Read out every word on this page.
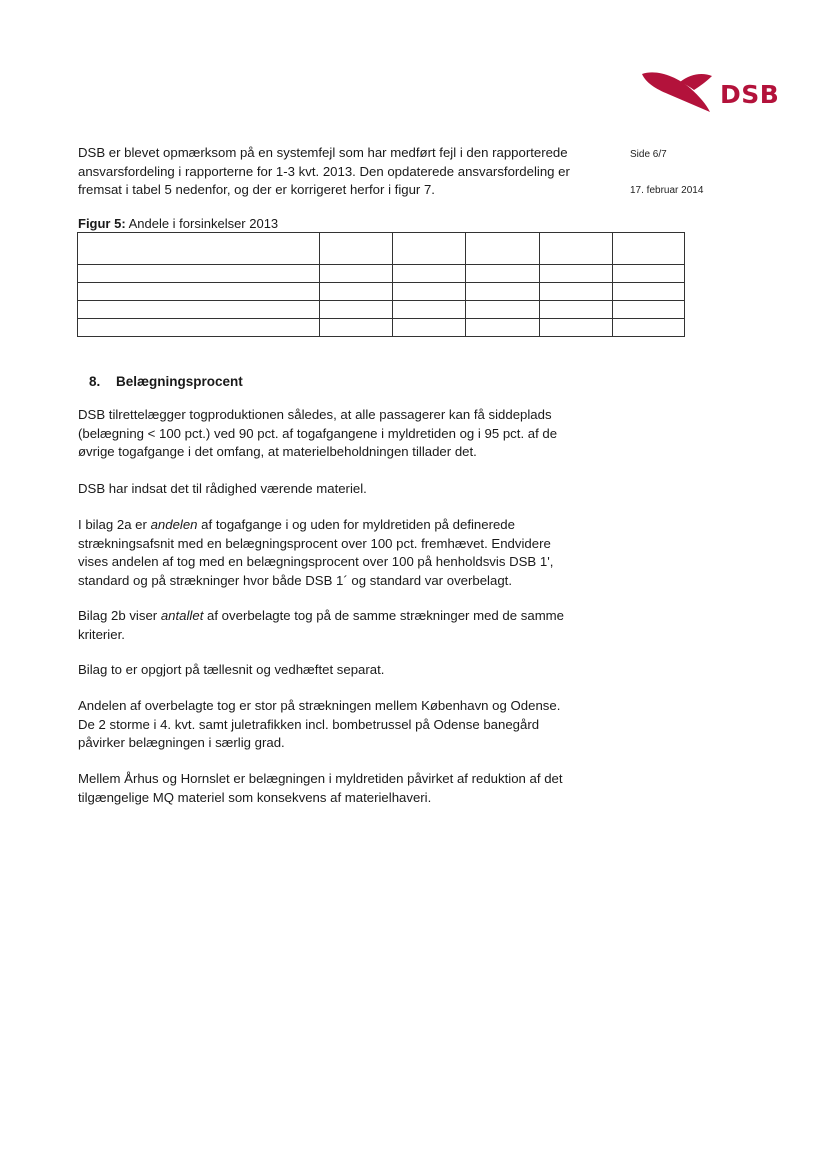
DSB
Side 6/7
17. februar 2014

DSB er blevet opmærksom på en systemfejl som har medført fejl i den rapporterede
ansvarsfordeling i rapporterne for 1-3 kvt. 2013. Den opdaterede ansvarsfordeling er
fremsat i tabel 5 nedenfor, og der er korrigeret herfor i figur 7.

Figur 5: Andele i forsinkelser 2013

8. Belægningsprocent

DSB tilrettelægger togproduktionen således, at alle passagerer kan få siddeplads
(belægning < 100 pct.) ved 90 pct. af togafgangene i myldretiden og i 95 pct. af de
øvrige togafgange i det omfang, at materielbeholdningen tillader det.

DSB har indsat det til rådighed værende materiel.

I bilag 2a er andelen af togafgange i og uden for myldretiden på definerede
strækningsafsnit med en belægningsprocent over 100 pct. fremhævet. Endvidere
vises andelen af tog med en belægningsprocent over 100 på henholdsvis DSB 1',
standard og på strækninger hvor både DSB 1´ og standard var overbelagt.

Bilag 2b viser antallet af overbelagte tog på de samme strækninger med de samme
kriterier.

Bilag to er opgjort på tællesnit og vedhæftet separat.

Andelen af overbelagte tog er stor på strækningen mellem København og Odense.
De 2 storme i 4. kvt. samt juletrafikken incl. bombetrussel på Odense banegård
påvirker belægningen i særlig grad.

Mellem Århus og Hornslet er belægningen i myldretiden påvirket af reduktion af det
tilgængelige MQ materiel som konsekvens af materielhaveri.
